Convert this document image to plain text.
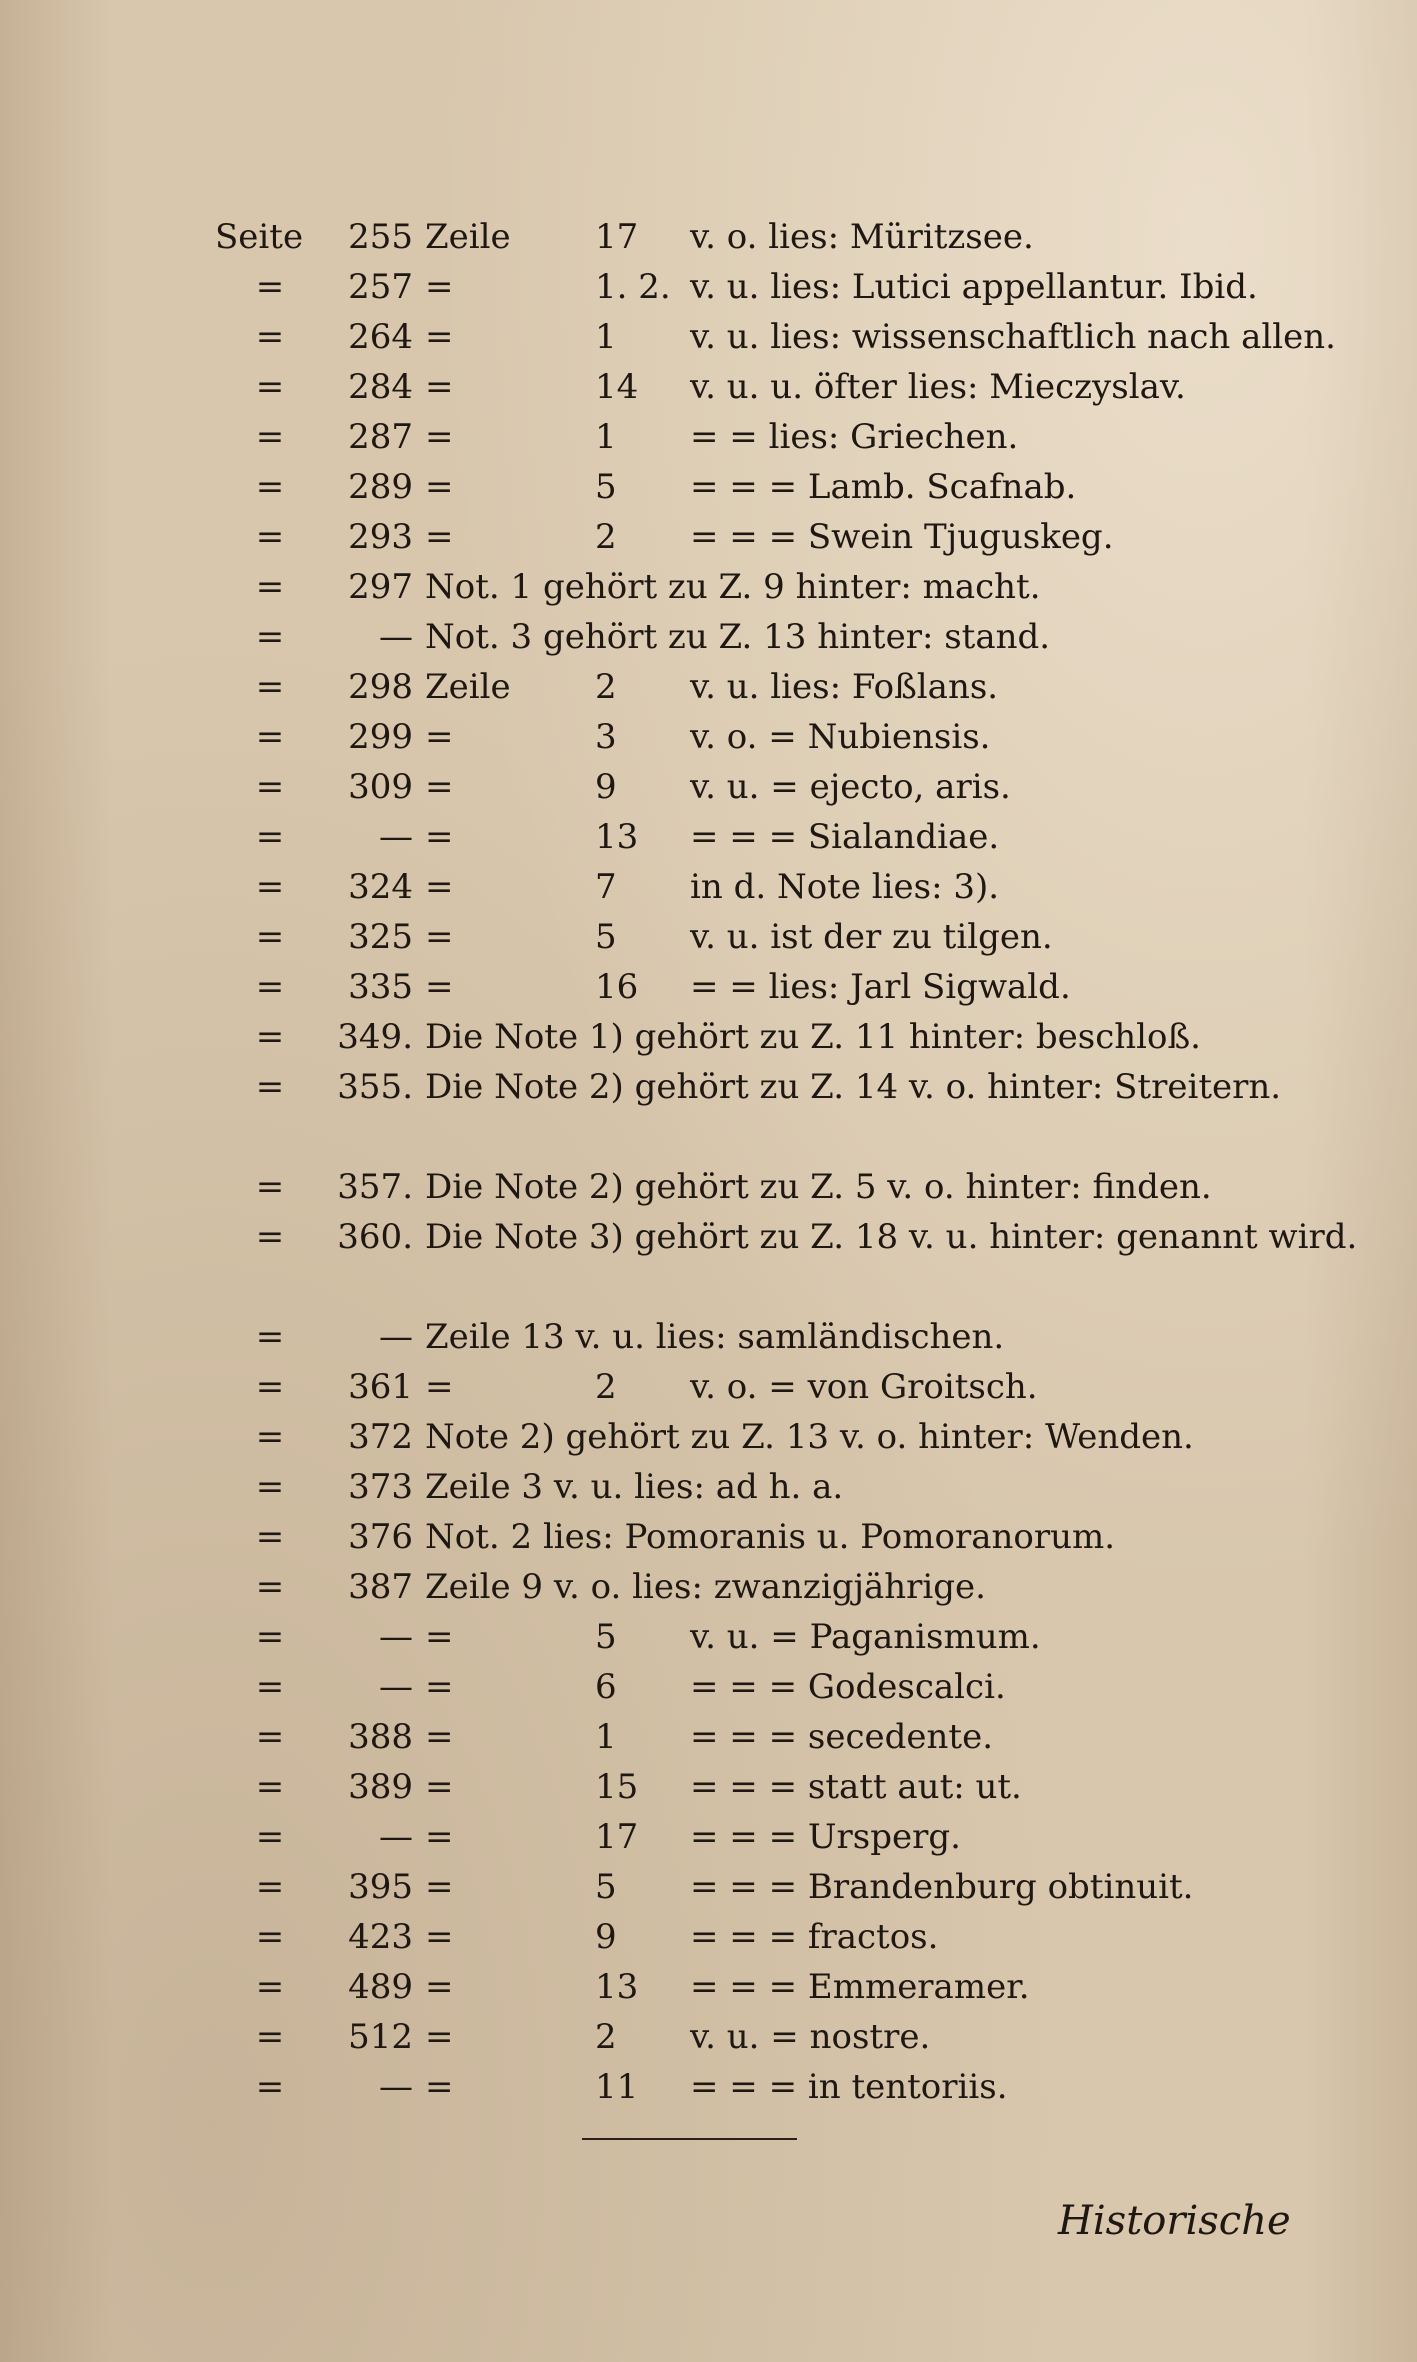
Seite	255 Zeile 17 v. o. lies: Müritzsee.
=	257 =	1. 2. v. u. lies: Lutici appellantur. Ibid.
=	264 =	1 v. u. lies: wissenschaftlich nach allen.
=	284 =	14 v. u. u. öfter lies: Mieczyslav.
=	287 =	1 = = lies: Griechen.
=	289 =	5 = = = Lamb. Scafnab.
=	293 =	2 = = = Swein Tjuguskeg.
=	297 Not. 1 gehört zu Z. 9 hinter: macht.
=	— Not. 3 gehört zu Z. 13 hinter: stand.
=	298 Zeile 2 v. u. lies: Foßlans.
=	299 =	3 v. o. = Nubiensis.
=	309 =	9 v. u. = ejecto, aris.
=	— =	13 = = = Sialandiae.
=	324 =	7 in d. Note lies: 3).
=	325 =	5 v. u. ist der zu tilgen.
=	335 =	16 = = lies: Jarl Sigwald.
=	349. Die Note 1) gehört zu Z. 11 hinter: beschloß.
=	355. Die Note 2) gehört zu Z. 14 v. o. hinter: Streitern.
=	357. Die Note 2) gehört zu Z. 5 v. o. hinter: finden.
=	360. Die Note 3) gehört zu Z. 18 v. u. hinter: genannt wird.
=	— Zeile 13 v. u. lies: samländischen.
=	361 =	2 v. o. = von Groitsch.
=	372 Note 2) gehört zu Z. 13 v. o. hinter: Wenden.
=	373 Zeile 3 v. u. lies: ad h. a.
=	376 Not. 2 lies: Pomoranis u. Pomoranorum.
=	387 Zeile 9 v. o. lies: zwanzigjährige.
=	— =	5 v. u. = Paganismum.
=	— =	6 = = = Godescalci.
=	388 =	1 = = = secedente.
=	389 =	15 = = = statt aut: ut.
=	— =	17 = = = Ursperg.
=	395 =	5 = = = Brandenburg obtinuit.
=	423 =	9 = = = fractos.
=	489 =	13 = = = Emmeramer.
=	512 =	2 v. u. = nostre.
=	— =	11 = = = in tentoriis.
Historische
